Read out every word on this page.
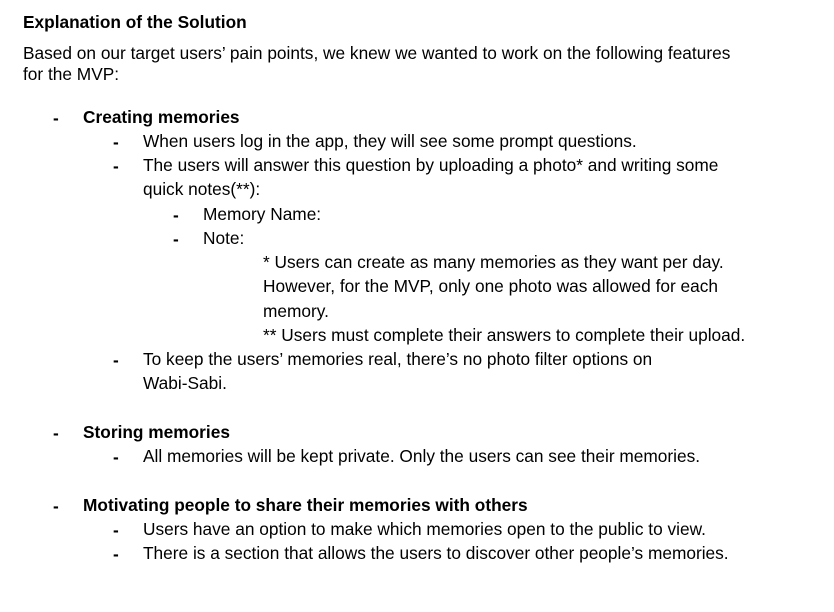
Explanation of the Solution
Based on our target users’ pain points, we knew we wanted to work on the following features
for the MVP:
- Creating memories
- When users log in the app, they will see some prompt questions.
- The users will answer this question by uploading a photo* and writing some
quick notes(**):
- Memory Name:
- Note:
* Users can create as many memories as they want per day.
However, for the MVP, only one photo was allowed for each
memory.
** Users must complete their answers to complete their upload.
- To keep the users’ memories real, there’s no photo filter options on
Wabi-Sabi.
- Storing memories
- All memories will be kept private. Only the users can see their memories.
- Motivating people to share their memories with others
- Users have an option to make which memories open to the public to view.
- There is a section that allows the users to discover other people’s memories.
